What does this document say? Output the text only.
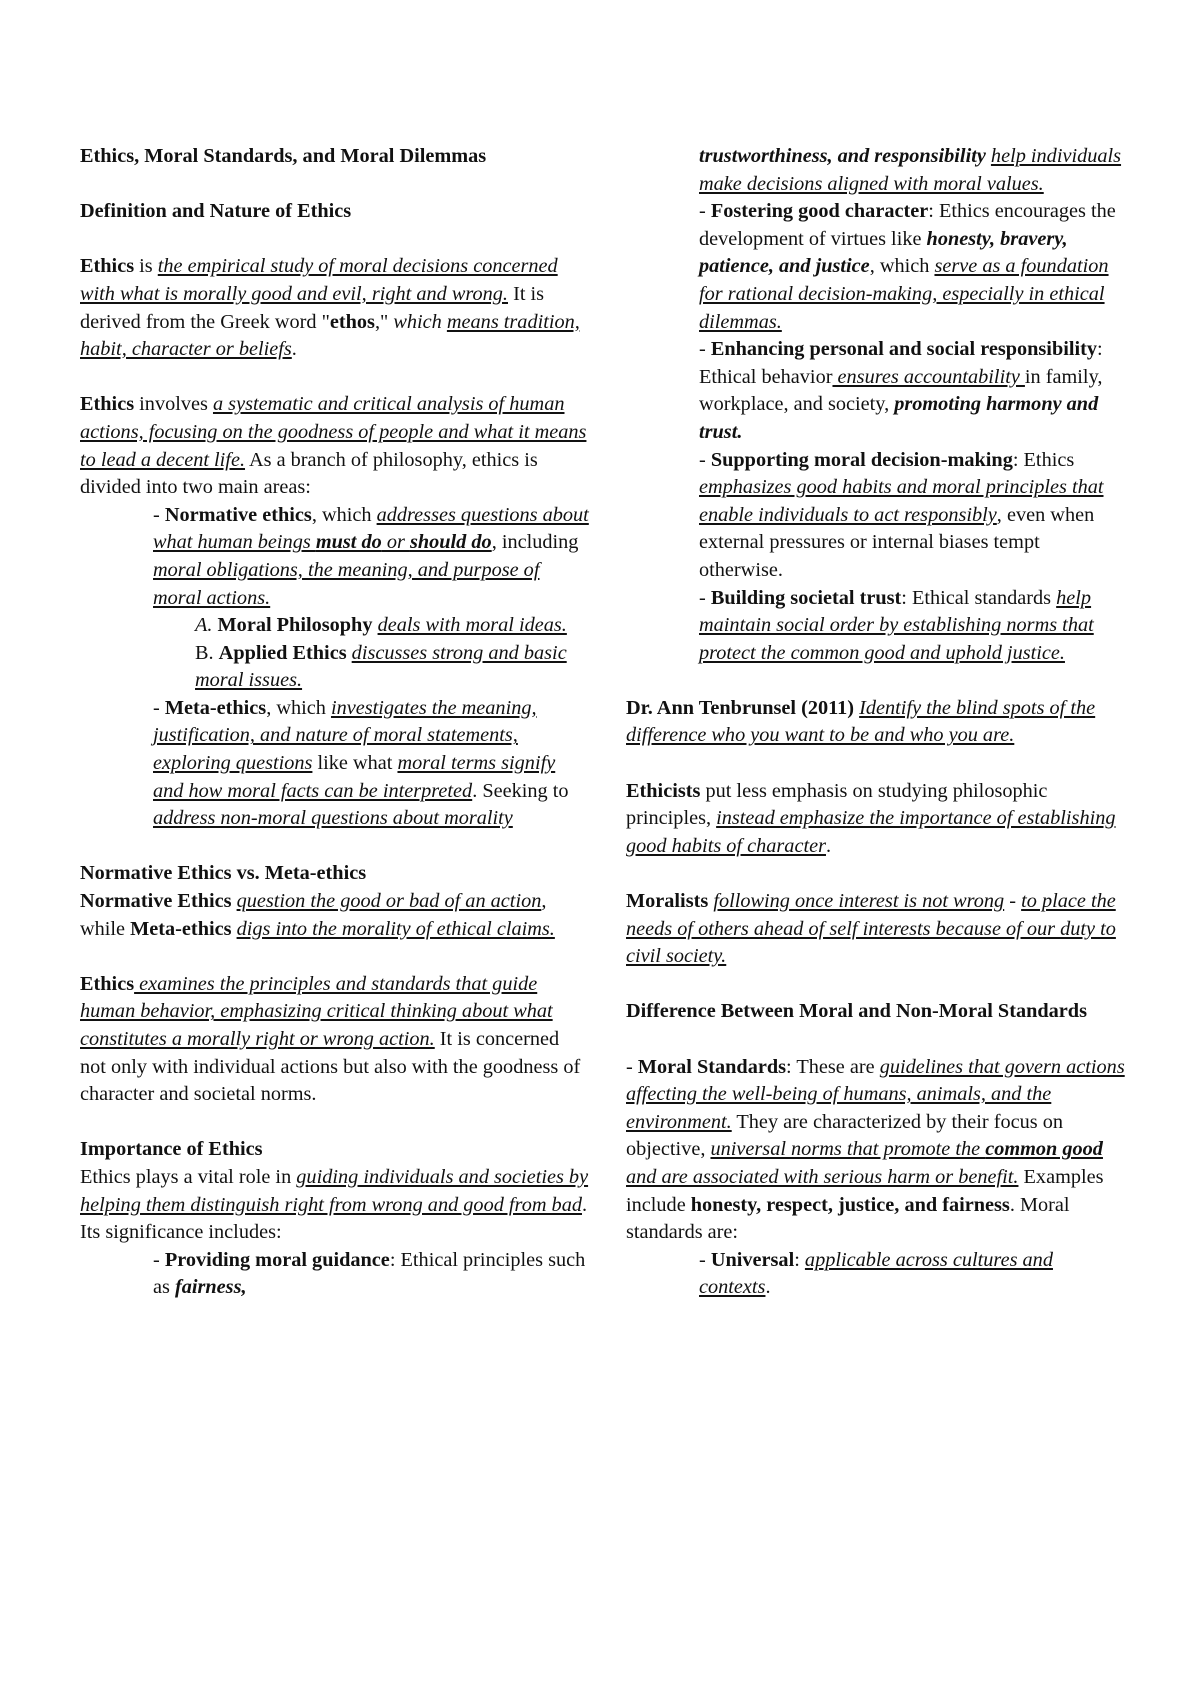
Ethics, Moral Standards, and Moral Dilemmas

Definition and Nature of Ethics

Ethics is the empirical study of moral decisions concerned with what is morally good and evil, right and wrong. It is derived from the Greek word "ethos," which means tradition, habit, character or beliefs.

Ethics involves a systematic and critical analysis of human actions, focusing on the goodness of people and what it means to lead a decent life. As a branch of philosophy, ethics is divided into two main areas:

- Normative ethics, which addresses questions about what human beings must do or should do, including moral obligations, the meaning, and purpose of moral actions.

A. Moral Philosophy deals with moral ideas.

B. Applied Ethics discusses strong and basic moral issues.

- Meta-ethics, which investigates the meaning, justification, and nature of moral statements, exploring questions like what moral terms signify and how moral facts can be interpreted. Seeking to address non-moral questions about morality

Normative Ethics vs. Meta-ethics

Normative Ethics question the good or bad of an action, while Meta-ethics digs into the morality of ethical claims.

Ethics examines the principles and standards that guide human behavior, emphasizing critical thinking about what constitutes a morally right or wrong action. It is concerned not only with individual actions but also with the goodness of character and societal norms.

Importance of Ethics

Ethics plays a vital role in guiding individuals and societies by helping them distinguish right from wrong and good from bad. Its significance includes:

- Providing moral guidance: Ethical principles such as fairness,

trustworthiness, and responsibility help individuals make decisions aligned with moral values.

- Fostering good character: Ethics encourages the development of virtues like honesty, bravery, patience, and justice, which serve as a foundation for rational decision-making, especially in ethical dilemmas.

- Enhancing personal and social responsibility: Ethical behavior ensures accountability in family, workplace, and society, promoting harmony and trust.

- Supporting moral decision-making: Ethics emphasizes good habits and moral principles that enable individuals to act responsibly, even when external pressures or internal biases tempt otherwise.

- Building societal trust: Ethical standards help maintain social order by establishing norms that protect the common good and uphold justice.

Dr. Ann Tenbrunsel (2011) Identify the blind spots of the difference who you want to be and who you are.

Ethicists put less emphasis on studying philosophic principles, instead emphasize the importance of establishing good habits of character.

Moralists following once interest is not wrong - to place the needs of others ahead of self interests because of our duty to civil society.

Difference Between Moral and Non-Moral Standards

- Moral Standards: These are guidelines that govern actions affecting the well-being of humans, animals, and the environment. They are characterized by their focus on objective, universal norms that promote the common good and are associated with serious harm or benefit. Examples include honesty, respect, justice, and fairness. Moral standards are:

- Universal: applicable across cultures and contexts.
